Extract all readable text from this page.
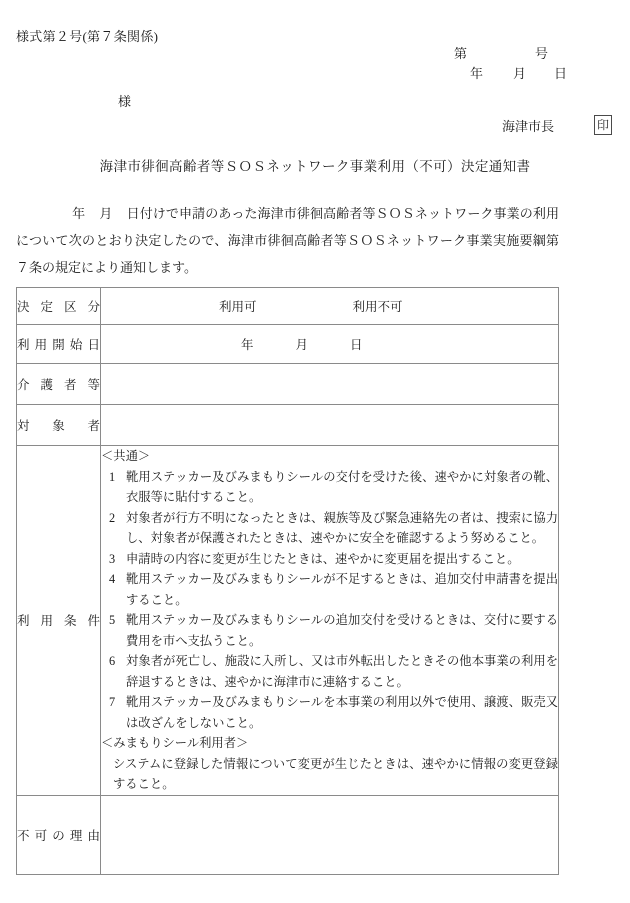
様式第２号(第７条関係)
第	号
年 月 日
様
海津市長	印
海津市徘徊高齢者等ＳＯＳネットワーク事業利用（不可）決定通知書
年 月 日付けで申請のあった海津市徘徊高齢者等ＳＯＳネットワーク事業の利用について次のとおり決定したので、海津市徘徊高齢者等ＳＯＳネットワーク事業実施要綱第７条の規定により通知します。
決定区分	利用可 利用不可

利用開始日	年 月 日

介護者等	
対象者	
利用条件	
＜共通＞
1 靴用ステッカー及びみまもりシールの交付を受けた後、速やかに対象者の靴、衣服等に貼付すること。
2 対象者が行方不明になったときは、親族等及び緊急連絡先の者は、捜索に協力し、対象者が保護されたときは、速やかに安全を確認するよう努めること。
3 申請時の内容に変更が生じたときは、速やかに変更届を提出すること。
4 靴用ステッカー及びみまもりシールが不足するときは、追加交付申請書を提出すること。
5 靴用ステッカー及びみまもりシールの追加交付を受けるときは、交付に要する費用を市へ支払うこと。
6 対象者が死亡し、施設に入所し、又は市外転出したときその他本事業の利用を辞退するときは、速やかに海津市に連絡すること。
7 靴用ステッカー及びみまもりシールを本事業の利用以外で使用、譲渡、販売又は改ざんをしないこと。
＜みまもりシール利用者＞
システムに登録した情報について変更が生じたときは、速やかに情報の変更登録すること。

不可の理由	
